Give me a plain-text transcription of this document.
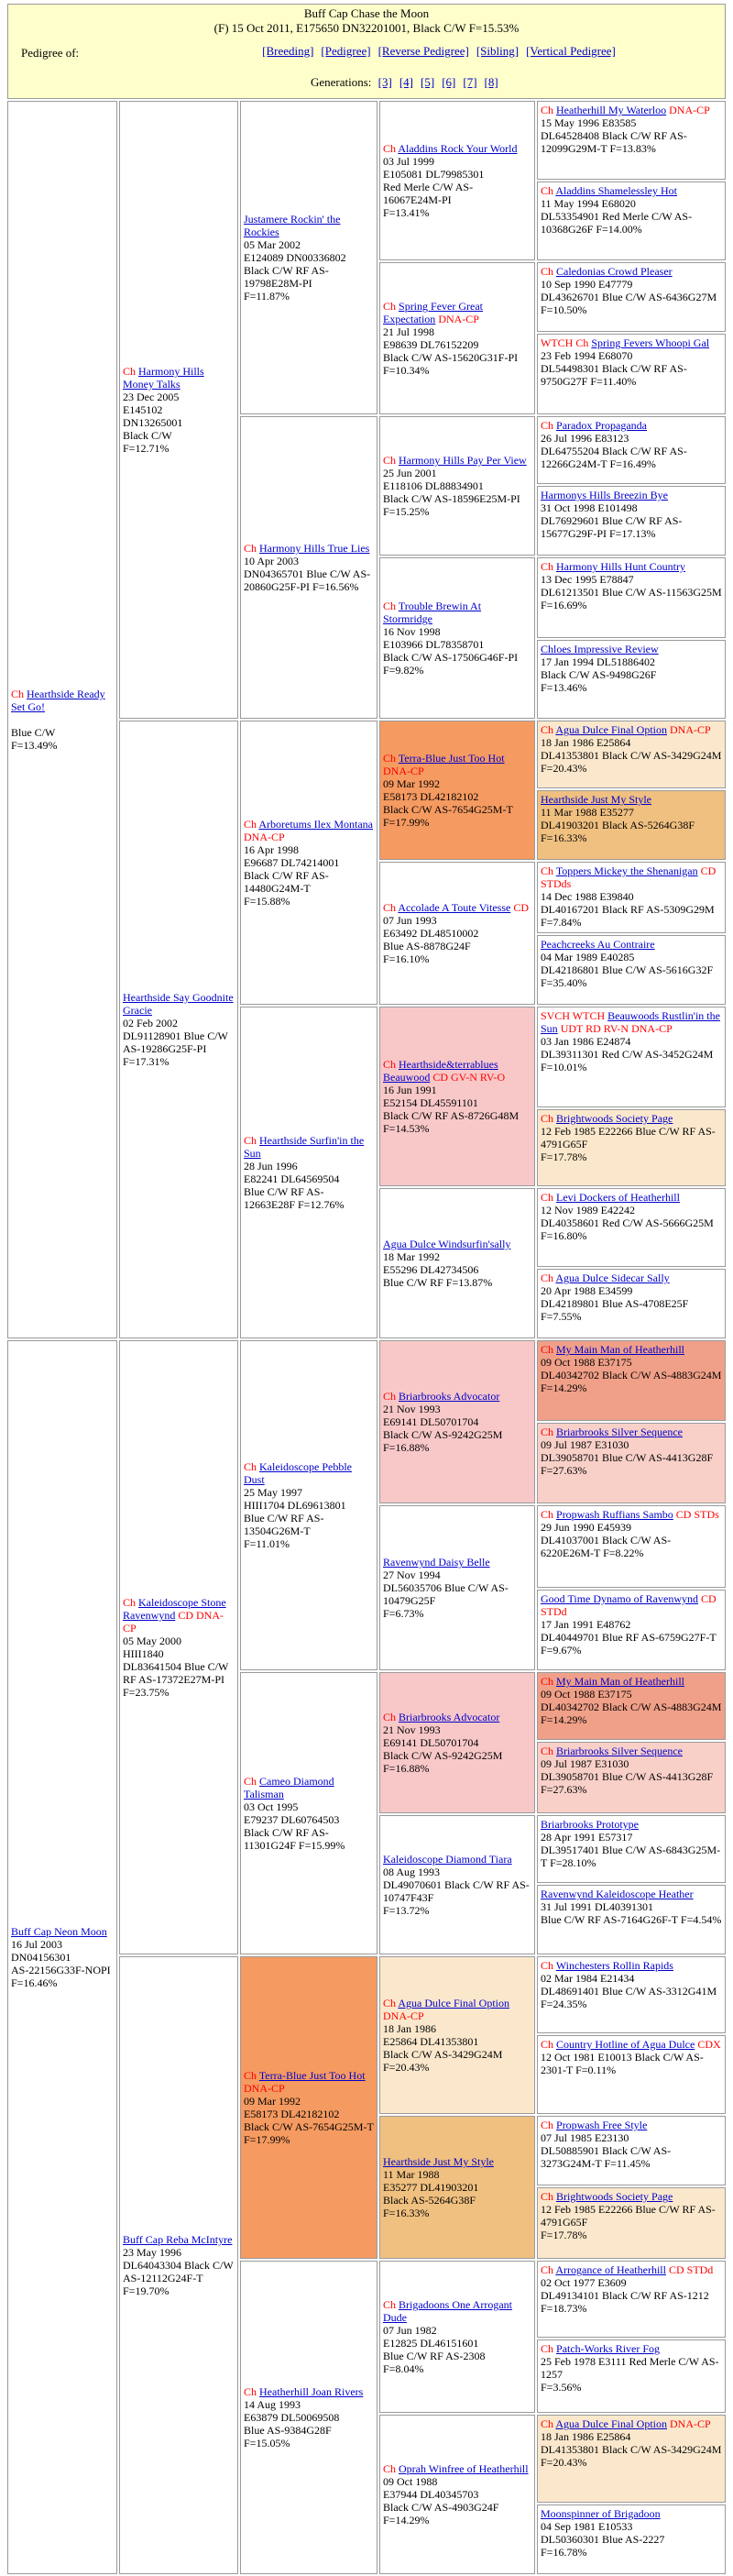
Buff Cap Chase the Moon
(F) 15 Oct 2011, E175650 DN32201001, Black C/W F=15.53%
Pedigree of:	[Breeding] [Pedigree] [Reverse Pedigree] [Sibling] [Vertical Pedigree]
Generations: [3] [4] [5] [6] [7] [8]
Ch Hearthside Ready Set Go!

Blue C/W
F=13.49%
Ch Harmony Hills Money Talks
23 Dec 2005
E145102
DN13265001
Black C/W
F=12.71%
Justamere Rockin' the Rockies
05 Mar 2002
E124089 DN00336802
Black C/W RF AS-19798E28M-PI
F=11.87%
Ch Aladdins Rock Your World
03 Jul 1999
E105081 DL79985301
Red Merle C/W AS-16067E24M-PI
F=13.41%
Ch Heatherhill My Waterloo DNA-CP
15 May 1996 E83585
DL64528408 Black C/W RF AS-12099G29M-T F=13.83%
Ch Aladdins Shamelessley Hot
11 May 1994 E68020
DL53354901 Red Merle C/W AS-10368G26F F=14.00%
Ch Spring Fever Great Expectation DNA-CP
21 Jul 1998
E98639 DL76152209
Black C/W AS-15620G31F-PI
F=10.34%
Ch Caledonias Crowd Pleaser
10 Sep 1990 E47779
DL43626701 Blue C/W AS-6436G27M F=10.50%
WTCH Ch Spring Fevers Whoopi Gal
23 Feb 1994 E68070
DL54498301 Black C/W RF AS-9750G27F F=11.40%
Ch Harmony Hills True Lies
10 Apr 2003
DN04365701 Blue C/W AS-20860G25F-PI F=16.56%
Ch Harmony Hills Pay Per View
25 Jun 2001
E118106 DL88834901
Black C/W AS-18596E25M-PI
F=15.25%
Ch Paradox Propaganda
26 Jul 1996 E83123
DL64755204 Black C/W RF AS-12266G24M-T F=16.49%
Harmonys Hills Breezin Bye
31 Oct 1998 E101498
DL76929601 Blue C/W RF AS-15677G29F-PI F=17.13%
Ch Trouble Brewin At Stormridge
16 Nov 1998
E103966 DL78358701
Black C/W AS-17506G46F-PI F=9.82%
Ch Harmony Hills Hunt Country
13 Dec 1995 E78847
DL61213501 Blue C/W AS-11563G25M F=16.69%
Chloes Impressive Review
17 Jan 1994 DL51886402
Black C/W AS-9498G26F
F=13.46%
Hearthside Say Goodnite Gracie
02 Feb 2002
DL91128901 Blue C/W AS-19286G25F-PI
F=17.31%
Ch Arboretums Ilex Montana DNA-CP
16 Apr 1998
E96687 DL74214001
Black C/W RF AS-14480G24M-T
F=15.88%
Ch Terra-Blue Just Too Hot DNA-CP
09 Mar 1992
E58173 DL42182102
Black C/W AS-7654G25M-T F=17.99%
Ch Agua Dulce Final Option DNA-CP
18 Jan 1986 E25864
DL41353801 Black C/W AS-3429G24M F=20.43%
Hearthside Just My Style
11 Mar 1988 E35277
DL41903201 Black AS-5264G38F F=16.33%
Ch Accolade A Toute Vitesse CD
07 Jun 1993
E63492 DL48510002
Blue AS-8878G24F
F=16.10%
Ch Toppers Mickey the Shenanigan CD STDds
14 Dec 1988 E39840
DL40167201 Black RF AS-5309G29M F=7.84%
Peachcreeks Au Contraire
04 Mar 1989 E40285
DL42186801 Blue C/W AS-5616G32F F=35.40%
Ch Hearthside Surfin'in the Sun
28 Jun 1996
E82241 DL64569504
Blue C/W RF AS-12663E28F F=12.76%
Ch Hearthside&terrablues Beauwood CD GV-N RV-O
16 Jun 1991
E52154 DL45591101
Black C/W RF AS-8726G48M F=14.53%
SVCH WTCH Beauwoods Rustlin'in the Sun UDT RD RV-N DNA-CP
03 Jan 1986 E24874
DL39311301 Red C/W AS-3452G24M F=10.01%
Ch Brightwoods Society Page
12 Feb 1985 E22266 Blue C/W RF AS-4791G65F
F=17.78%
Agua Dulce Windsurfin'sally
18 Mar 1992
E55296 DL42734506
Blue C/W RF F=13.87%
Ch Levi Dockers of Heatherhill
12 Nov 1989 E42242
DL40358601 Red C/W AS-5666G25M F=16.80%
Ch Agua Dulce Sidecar Sally
20 Apr 1988 E34599
DL42189801 Blue AS-4708E25F F=7.55%
Buff Cap Neon Moon
16 Jul 2003
DN04156301
AS-22156G33F-NOPI F=16.46%
Ch Kaleidoscope Stone Ravenwynd CD DNA-CP
05 May 2000
HIII1840
DL83641504 Blue C/W RF AS-17372E27M-PI
F=23.75%
Ch Kaleidoscope Pebble Dust
25 May 1997
HIII1704 DL69613801
Blue C/W RF AS-13504G26M-T
F=11.01%
Ch Briarbrooks Advocator
21 Nov 1993
E69141 DL50701704
Black C/W AS-9242G25M F=16.88%
Ch My Main Man of Heatherhill
09 Oct 1988 E37175
DL40342702 Black C/W AS-4883G24M F=14.29%
Ch Briarbrooks Silver Sequence
09 Jul 1987 E31030
DL39058701 Blue C/W AS-4413G28F F=27.63%
Ravenwynd Daisy Belle
27 Nov 1994
DL56035706 Blue C/W AS-10479G25F
F=6.73%
Ch Propwash Ruffians Sambo CD STDs
29 Jun 1990 E45939
DL41037001 Black C/W AS-6220E26M-T F=8.22%
Good Time Dynamo of Ravenwynd CD STDd
17 Jan 1991 E48762
DL40449701 Blue RF AS-6759G27F-T F=9.67%
Ch Cameo Diamond Talisman
03 Oct 1995
E79237 DL60764503
Black C/W RF AS-11301G24F F=15.99%
Ch Briarbrooks Advocator
21 Nov 1993
E69141 DL50701704
Black C/W AS-9242G25M F=16.88%
Ch My Main Man of Heatherhill
09 Oct 1988 E37175
DL40342702 Black C/W AS-4883G24M F=14.29%
Ch Briarbrooks Silver Sequence
09 Jul 1987 E31030
DL39058701 Blue C/W AS-4413G28F F=27.63%
Kaleidoscope Diamond Tiara
08 Aug 1993
DL49070601 Black C/W RF AS-10747F43F
F=13.72%
Briarbrooks Prototype
28 Apr 1991 E57317
DL39517401 Blue C/W AS-6843G25M-T F=28.10%
Ravenwynd Kaleidoscope Heather
31 Jul 1991 DL40391301
Blue C/W RF AS-7164G26F-T F=4.54%
Buff Cap Reba McIntyre
23 May 1996
DL64043304 Black C/W AS-12112G24F-T
F=19.70%
Ch Terra-Blue Just Too Hot DNA-CP
09 Mar 1992
E58173 DL42182102
Black C/W AS-7654G25M-T
F=17.99%
Ch Agua Dulce Final Option DNA-CP
18 Jan 1986
E25864 DL41353801
Black C/W AS-3429G24M F=20.43%
Ch Winchesters Rollin Rapids
02 Mar 1984 E21434
DL48691401 Blue C/W AS-3312G41M F=24.35%
Ch Country Hotline of Agua Dulce CDX
12 Oct 1981 E10013 Black C/W AS-2301-T F=0.11%
Hearthside Just My Style
11 Mar 1988
E35277 DL41903201
Black AS-5264G38F
F=16.33%
Ch Propwash Free Style
07 Jul 1985 E23130
DL50885901 Black C/W AS-3273G24M-T F=11.45%
Ch Brightwoods Society Page
12 Feb 1985 E22266 Blue C/W RF AS-4791G65F
F=17.78%
Ch Heatherhill Joan Rivers
14 Aug 1993
E63879 DL50069508
Blue AS-9384G28F
F=15.05%
Ch Brigadoons One Arrogant Dude
07 Jun 1982
E12825 DL46151601
Blue C/W RF AS-2308
F=8.04%
Ch Arrogance of Heatherhill CD STDd
02 Oct 1977 E3609
DL49134101 Black C/W RF AS-1212 F=18.73%
Ch Patch-Works River Fog
25 Feb 1978 E3111 Red Merle C/W AS-1257
F=3.56%
Ch Oprah Winfree of Heatherhill
09 Oct 1988
E37944 DL40345703
Black C/W AS-4903G24F F=14.29%
Ch Agua Dulce Final Option DNA-CP
18 Jan 1986 E25864
DL41353801 Black C/W AS-3429G24M F=20.43%
Moonspinner of Brigadoon
04 Sep 1981 E10533
DL50360301 Blue AS-2227
F=16.78%
